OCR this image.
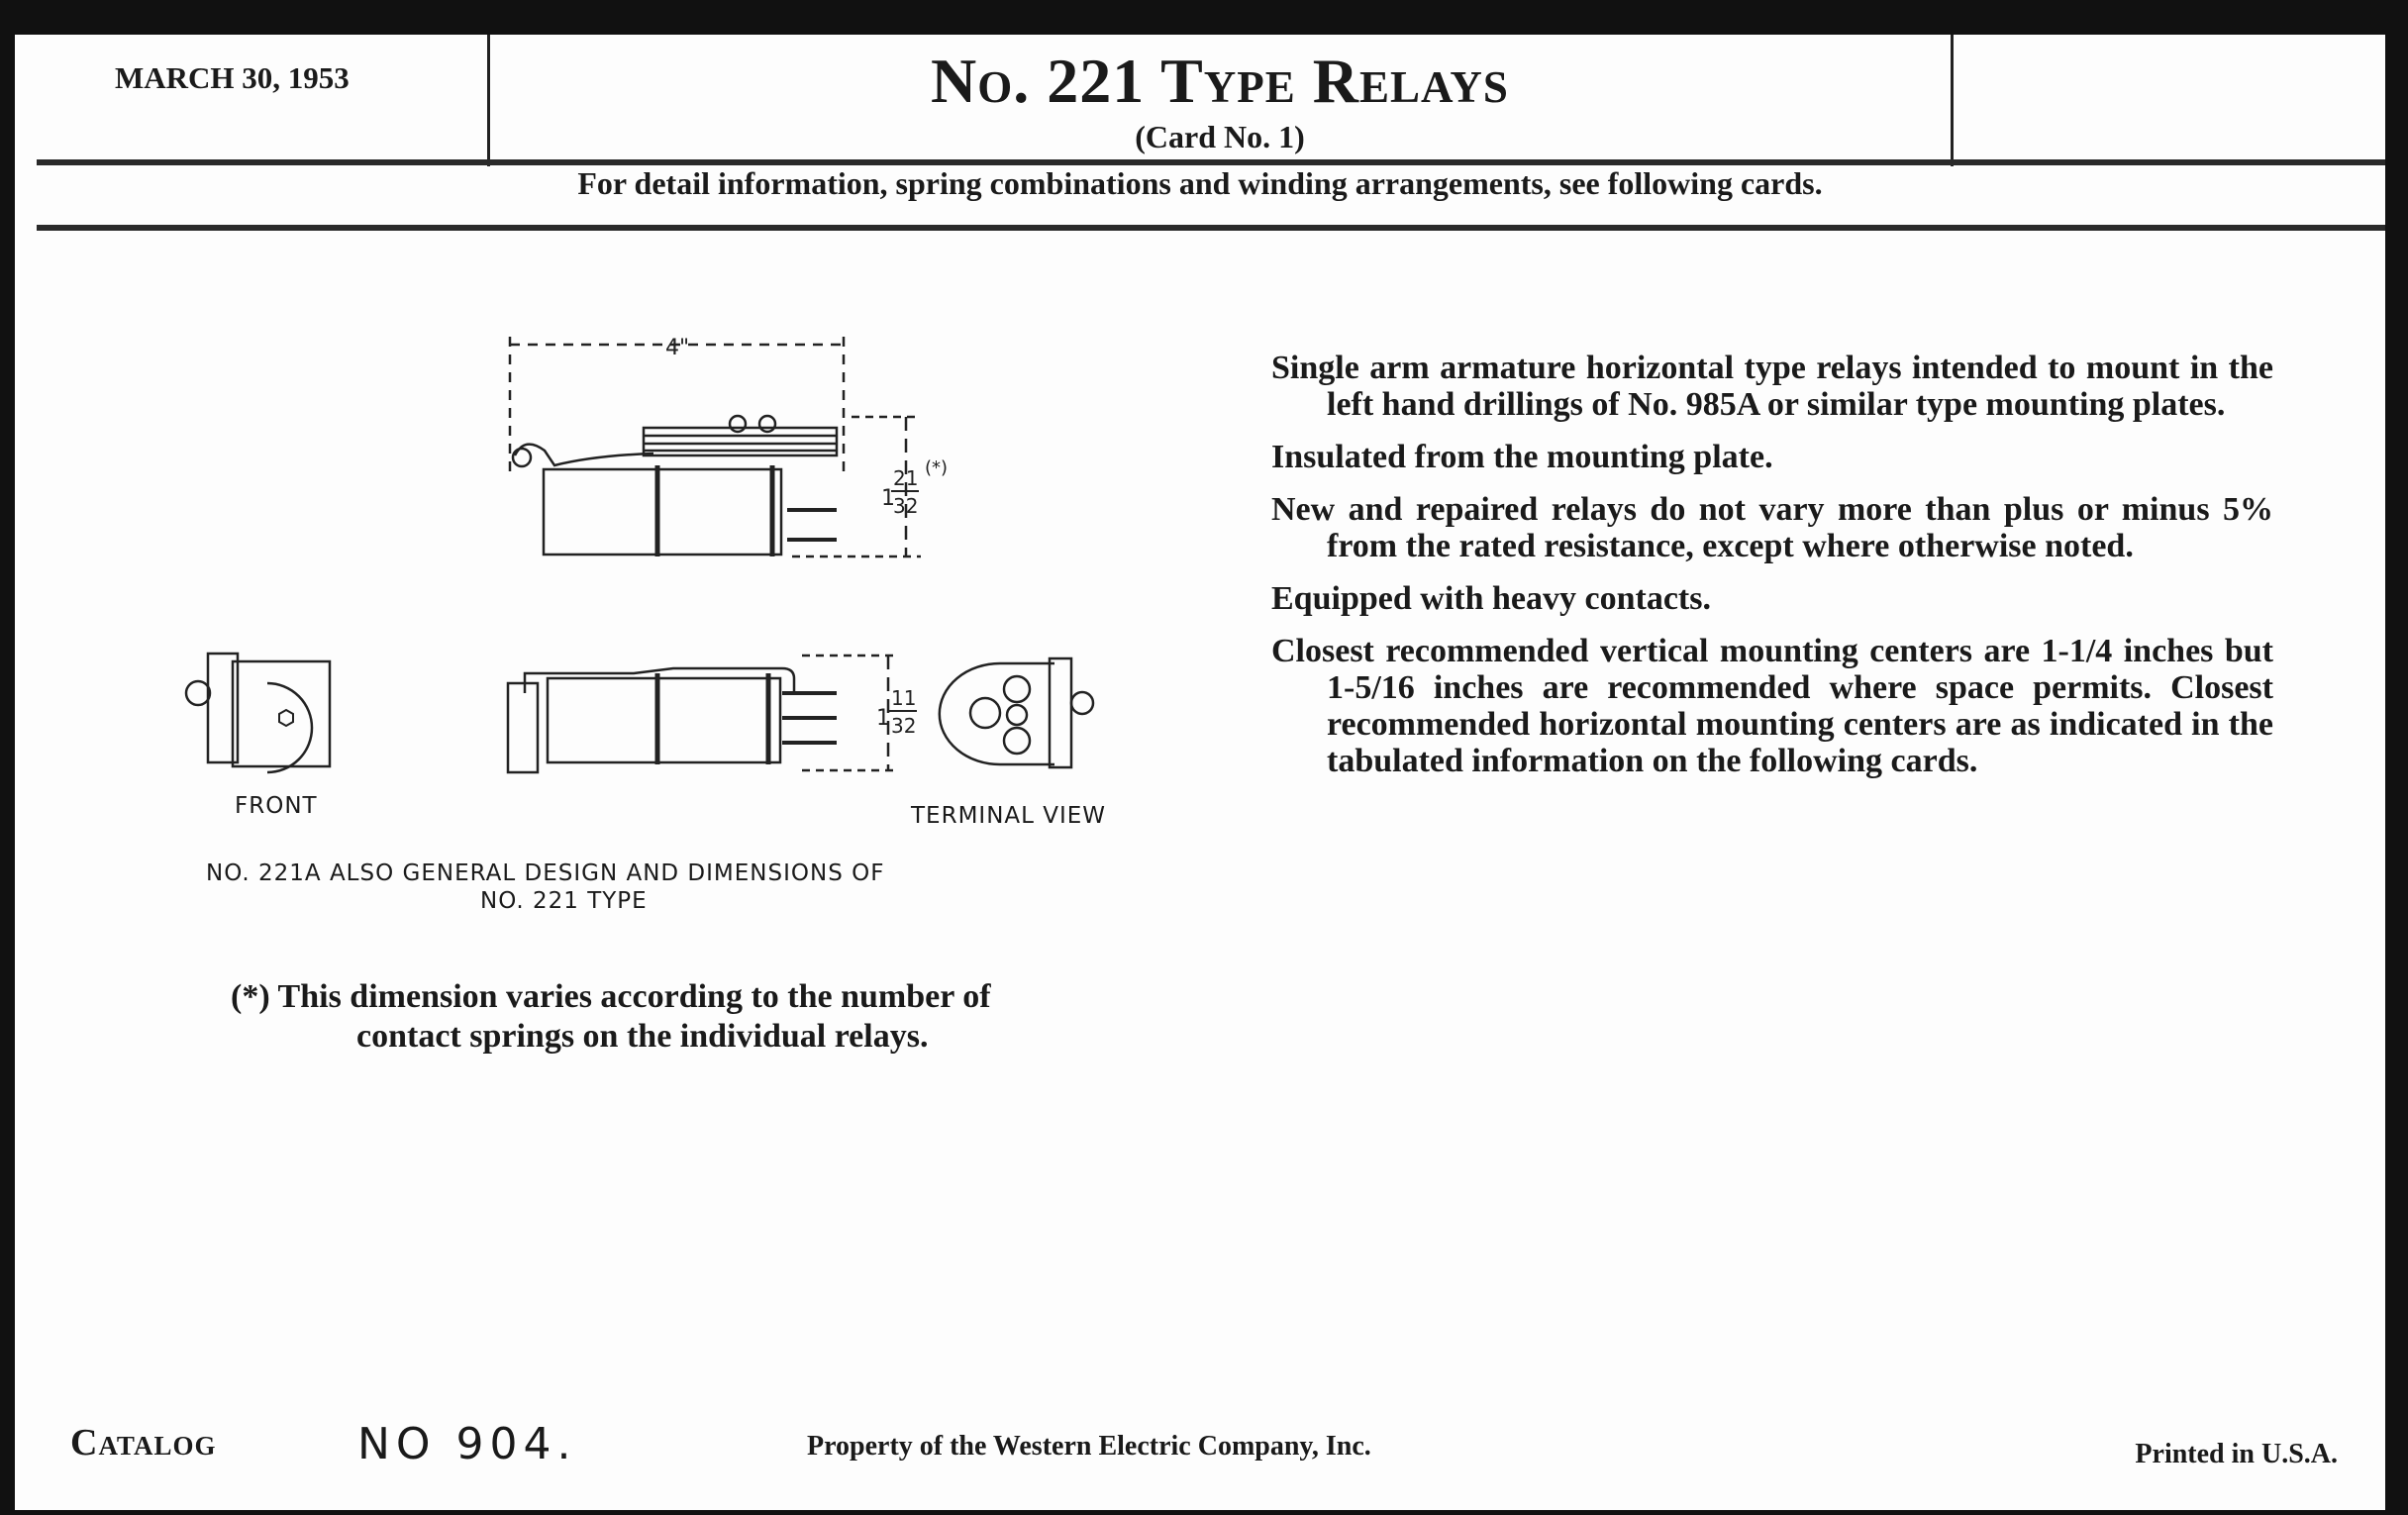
MARCH 30, 1953	No. 221 Type Relays
(Card No. 1)
For detail information, spring combinations and winding arrangements, see following cards.

Single arm armature horizontal type relays intended to mount in the left hand drillings of No. 985A or similar type mounting plates.

Insulated from the mounting plate.

New and repaired relays do not vary more than plus or minus 5% from the rated resistance, except where otherwise noted.

Equipped with heavy contacts.

Closest recommended vertical mounting centers are 1-1/4 inches but 1-5/16 inches are recommended where space permits. Closest recommended horizontal mounting centers are as indicated in the tabulated information on the following cards.

FRONT	TERMINAL VIEW
NO. 221A ALSO GENERAL DESIGN AND DIMENSIONS OF
NO. 221 TYPE
(*) This dimension varies according to the number of
contact springs on the individual relays.
Catalog	NO 904.	Property of the Western Electric Company, Inc.	Printed in U.S.A.
4"
1
21
32
(*)
1
11
32
